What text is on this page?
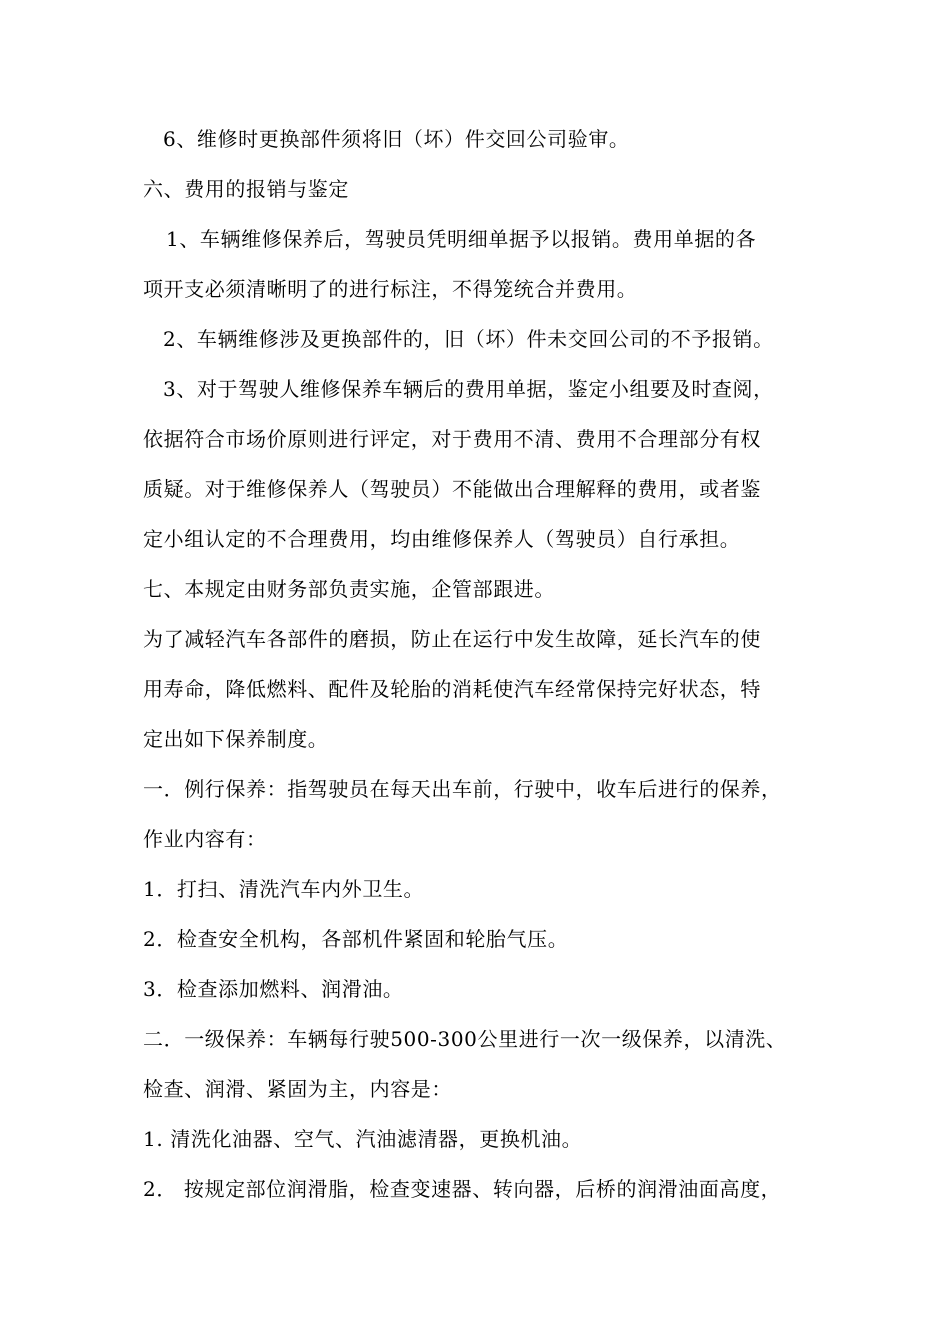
6、维修时更换部件须将旧（坏）件交回公司验审。
六、费用的报销与鉴定
1、车辆维修保养后，驾驶员凭明细单据予以报销。费用单据的各
项开支必须清晰明了的进行标注，不得笼统合并费用。
2、车辆维修涉及更换部件的，旧（坏）件未交回公司的不予报销。
3、对于驾驶人维修保养车辆后的费用单据，鉴定小组要及时查阅，
依据符合市场价原则进行评定，对于费用不清、费用不合理部分有权
质疑。对于维修保养人（驾驶员）不能做出合理解释的费用，或者鉴
定小组认定的不合理费用，均由维修保养人（驾驶员）自行承担。
七、本规定由财务部负责实施，企管部跟进。
为了减轻汽车各部件的磨损，防止在运行中发生故障，延长汽车的使
用寿命，降低燃料、配件及轮胎的消耗使汽车经常保持完好状态，特
定出如下保养制度。
一．例行保养：指驾驶员在每天出车前，行驶中，收车后进行的保养，
作业内容有：
1．打扫、清洗汽车内外卫生。
2．检查安全机构，各部机件紧固和轮胎气压。
3．检查添加燃料、润滑油。
二．一级保养：车辆每行驶500-300公里进行一次一级保养，以清洗、
检查、润滑、紧固为主，内容是：
1. 清洗化油器、空气、汽油滤清器，更换机油。
2． 按规定部位润滑脂，检查变速器、转向器，后桥的润滑油面高度，
